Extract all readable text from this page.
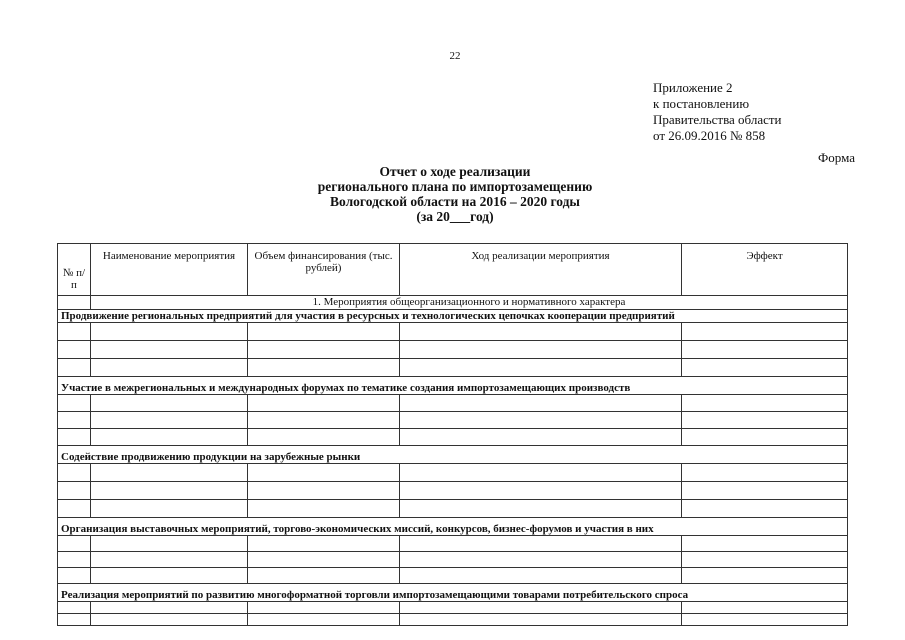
22
Приложение 2
к постановлению
Правительства области
от 26.09.2016 № 858
Форма
Отчет о ходе реализации
регионального плана по импортозамещению
Вологодской области на 2016 – 2020 годы
(за 20___год)
№ п/п	Наименование мероприятия	Объем финансирования (тыс. рублей)	Ход реализации мероприятия	Эффект
	1. Мероприятия общеорганизационного и нормативного характера			
Продвижение региональных предприятий для участия в ресурсных и технологических цепочках кооперации предприятий				

Участие в межрегиональных и международных форумах по тематике создания импортозамещающих производств				

Содействие продвижению продукции на зарубежные рынки				

Организация выставочных мероприятий, торгово-экономических миссий, конкурсов, бизнес-форумов и участия в них				

Реализация мероприятий по развитию многоформатной торговли импортозамещающими товарами потребительского спроса				
